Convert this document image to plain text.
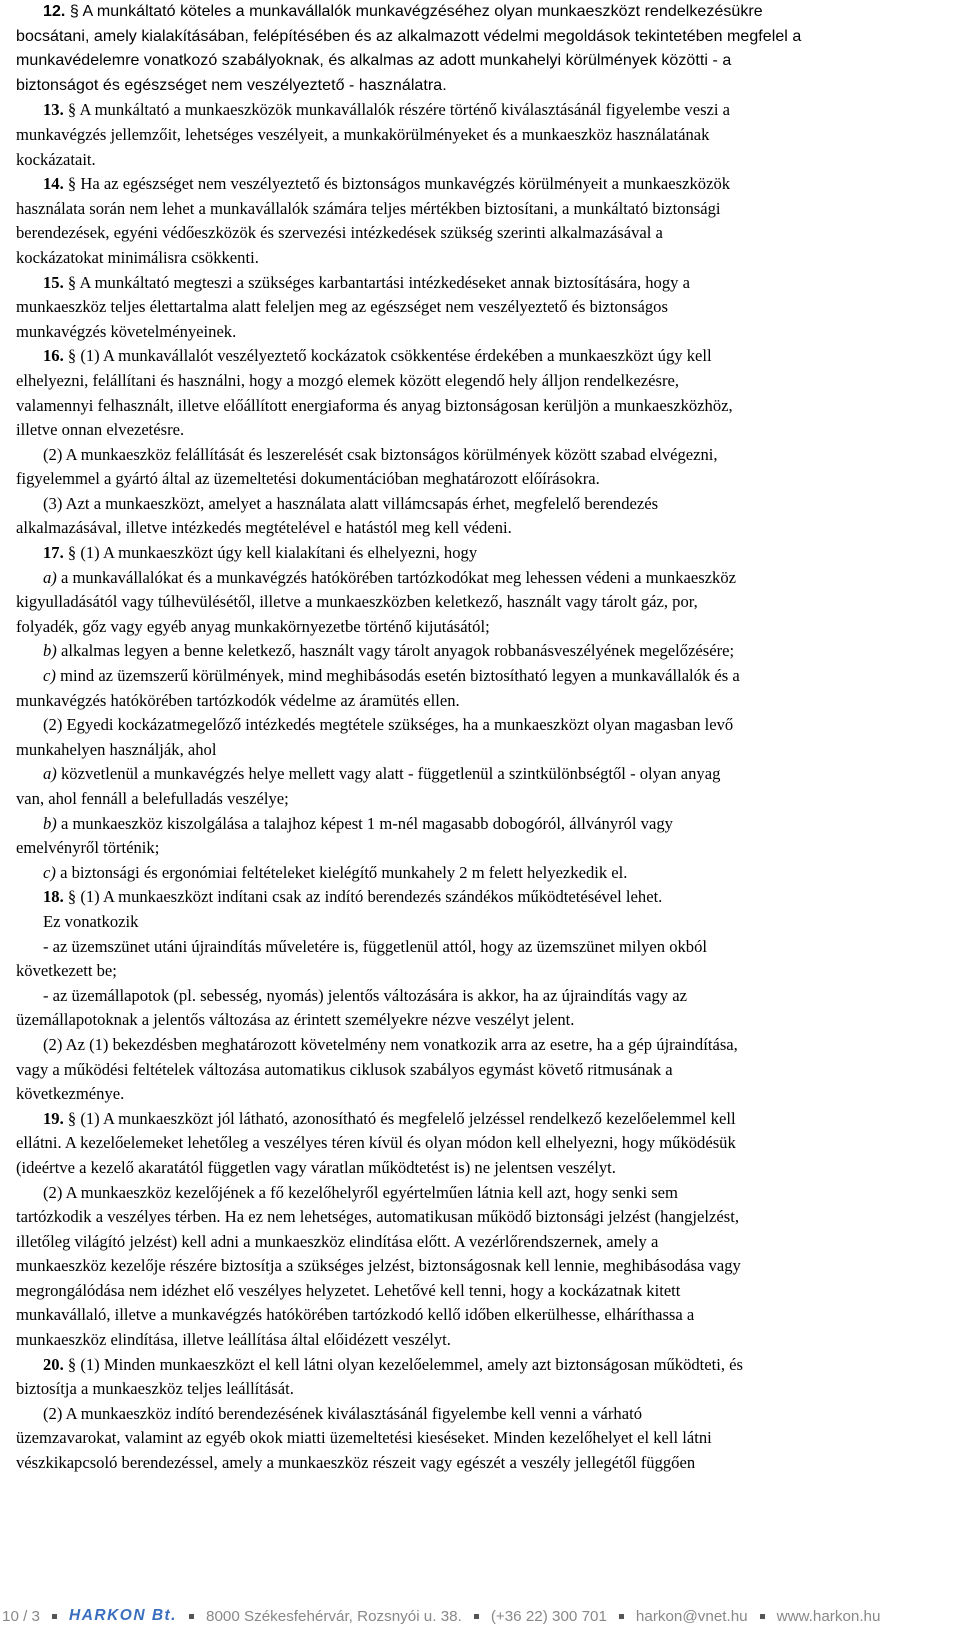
12. § A munkáltató köteles a munkavállalók munkavégzéséhez olyan munkaeszközt rendelkezésükre
bocsátani, amely kialakításában, felépítésében és az alkalmazott védelmi megoldások tekintetében megfelel a
munkavédelemre vonatkozó szabályoknak, és alkalmas az adott munkahelyi körülmények közötti - a
biztonságot és egészséget nem veszélyeztető - használatra.
13. § A munkáltató a munkaeszközök munkavállalók részére történő kiválasztásánál figyelembe veszi a
munkavégzés jellemzőit, lehetséges veszélyeit, a munkakörülményeket és a munkaeszköz használatának
kockázatait.
14. § Ha az egészséget nem veszélyeztető és biztonságos munkavégzés körülményeit a munkaeszközök
használata során nem lehet a munkavállalók számára teljes mértékben biztosítani, a munkáltató biztonsági
berendezések, egyéni védőeszközök és szervezési intézkedések szükség szerinti alkalmazásával a
kockázatokat minimálisra csökkenti.
15. § A munkáltató megteszi a szükséges karbantartási intézkedéseket annak biztosítására, hogy a
munkaeszköz teljes élettartalma alatt feleljen meg az egészséget nem veszélyeztető és biztonságos
munkavégzés követelményeinek.
16. § (1) A munkavállalót veszélyeztető kockázatok csökkentése érdekében a munkaeszközt úgy kell
elhelyezni, felállítani és használni, hogy a mozgó elemek között elegendő hely álljon rendelkezésre,
valamennyi felhasznált, illetve előállított energiaforma és anyag biztonságosan kerüljön a munkaeszközhöz,
illetve onnan elvezetésre.
(2) A munkaeszköz felállítását és leszerelését csak biztonságos körülmények között szabad elvégezni,
figyelemmel a gyártó által az üzemeltetési dokumentációban meghatározott előírásokra.
(3) Azt a munkaeszközt, amelyet a használata alatt villámcsapás érhet, megfelelő berendezés
alkalmazásával, illetve intézkedés megtételével e hatástól meg kell védeni.
17. § (1) A munkaeszközt úgy kell kialakítani és elhelyezni, hogy
a) a munkavállalókat és a munkavégzés hatókörében tartózkodókat meg lehessen védeni a munkaeszköz
kigyulladásától vagy túlhevülésétől, illetve a munkaeszközben keletkező, használt vagy tárolt gáz, por,
folyadék, gőz vagy egyéb anyag munkakörnyezetbe történő kijutásától;
b) alkalmas legyen a benne keletkező, használt vagy tárolt anyagok robbanásveszélyének megelőzésére;
c) mind az üzemszerű körülmények, mind meghibásodás esetén biztosítható legyen a munkavállalók és a
munkavégzés hatókörében tartózkodók védelme az áramütés ellen.
(2) Egyedi kockázatmegelőző intézkedés megtétele szükséges, ha a munkaeszközt olyan magasban levő
munkahelyen használják, ahol
a) közvetlenül a munkavégzés helye mellett vagy alatt - függetlenül a szintkülönbségtől - olyan anyag
van, ahol fennáll a belefulladás veszélye;
b) a munkaeszköz kiszolgálása a talajhoz képest 1 m-nél magasabb dobogóról, állványról vagy
emelvényről történik;
c) a biztonsági és ergonómiai feltételeket kielégítő munkahely 2 m felett helyezkedik el.
18. § (1) A munkaeszközt indítani csak az indító berendezés szándékos működtetésével lehet.
Ez vonatkozik
- az üzemszünet utáni újraindítás műveletére is, függetlenül attól, hogy az üzemszünet milyen okból
következett be;
- az üzemállapotok (pl. sebesség, nyomás) jelentős változására is akkor, ha az újraindítás vagy az
üzemállapotoknak a jelentős változása az érintett személyekre nézve veszélyt jelent.
(2) Az (1) bekezdésben meghatározott követelmény nem vonatkozik arra az esetre, ha a gép újraindítása,
vagy a működési feltételek változása automatikus ciklusok szabályos egymást követő ritmusának a
következménye.
19. § (1) A munkaeszközt jól látható, azonosítható és megfelelő jelzéssel rendelkező kezelőelemmel kell
ellátni. A kezelőelemeket lehetőleg a veszélyes téren kívül és olyan módon kell elhelyezni, hogy működésük
(ideértve a kezelő akaratától független vagy váratlan működtetést is) ne jelentsen veszélyt.
(2) A munkaeszköz kezelőjének a fő kezelőhelyről egyértelműen látnia kell azt, hogy senki sem
tartózkodik a veszélyes térben. Ha ez nem lehetséges, automatikusan működő biztonsági jelzést (hangjelzést,
illetőleg világító jelzést) kell adni a munkaeszköz elindítása előtt. A vezérlőrendszernek, amely a
munkaeszköz kezelője részére biztosítja a szükséges jelzést, biztonságosnak kell lennie, meghibásodása vagy
megrongálódása nem idézhet elő veszélyes helyzetet. Lehetővé kell tenni, hogy a kockázatnak kitett
munkavállaló, illetve a munkavégzés hatókörében tartózkodó kellő időben elkerülhesse, elháríthassa a
munkaeszköz elindítása, illetve leállítása által előidézett veszélyt.
20. § (1) Minden munkaeszközt el kell látni olyan kezelőelemmel, amely azt biztonságosan működteti, és
biztosítja a munkaeszköz teljes leállítását.
(2) A munkaeszköz indító berendezésének kiválasztásánál figyelembe kell venni a várható
üzemzavarokat, valamint az egyéb okok miatti üzemeltetési kieséseket. Minden kezelőhelyet el kell látni
vészkikapcsoló berendezéssel, amely a munkaeszköz részeit vagy egészét a veszély jellegétől függően
10 / 3 HARKON Bt. 8000 Székesfehérvár, Rozsnyói u. 38. (+36 22) 300 701 harkon@vnet.hu www.harkon.hu
